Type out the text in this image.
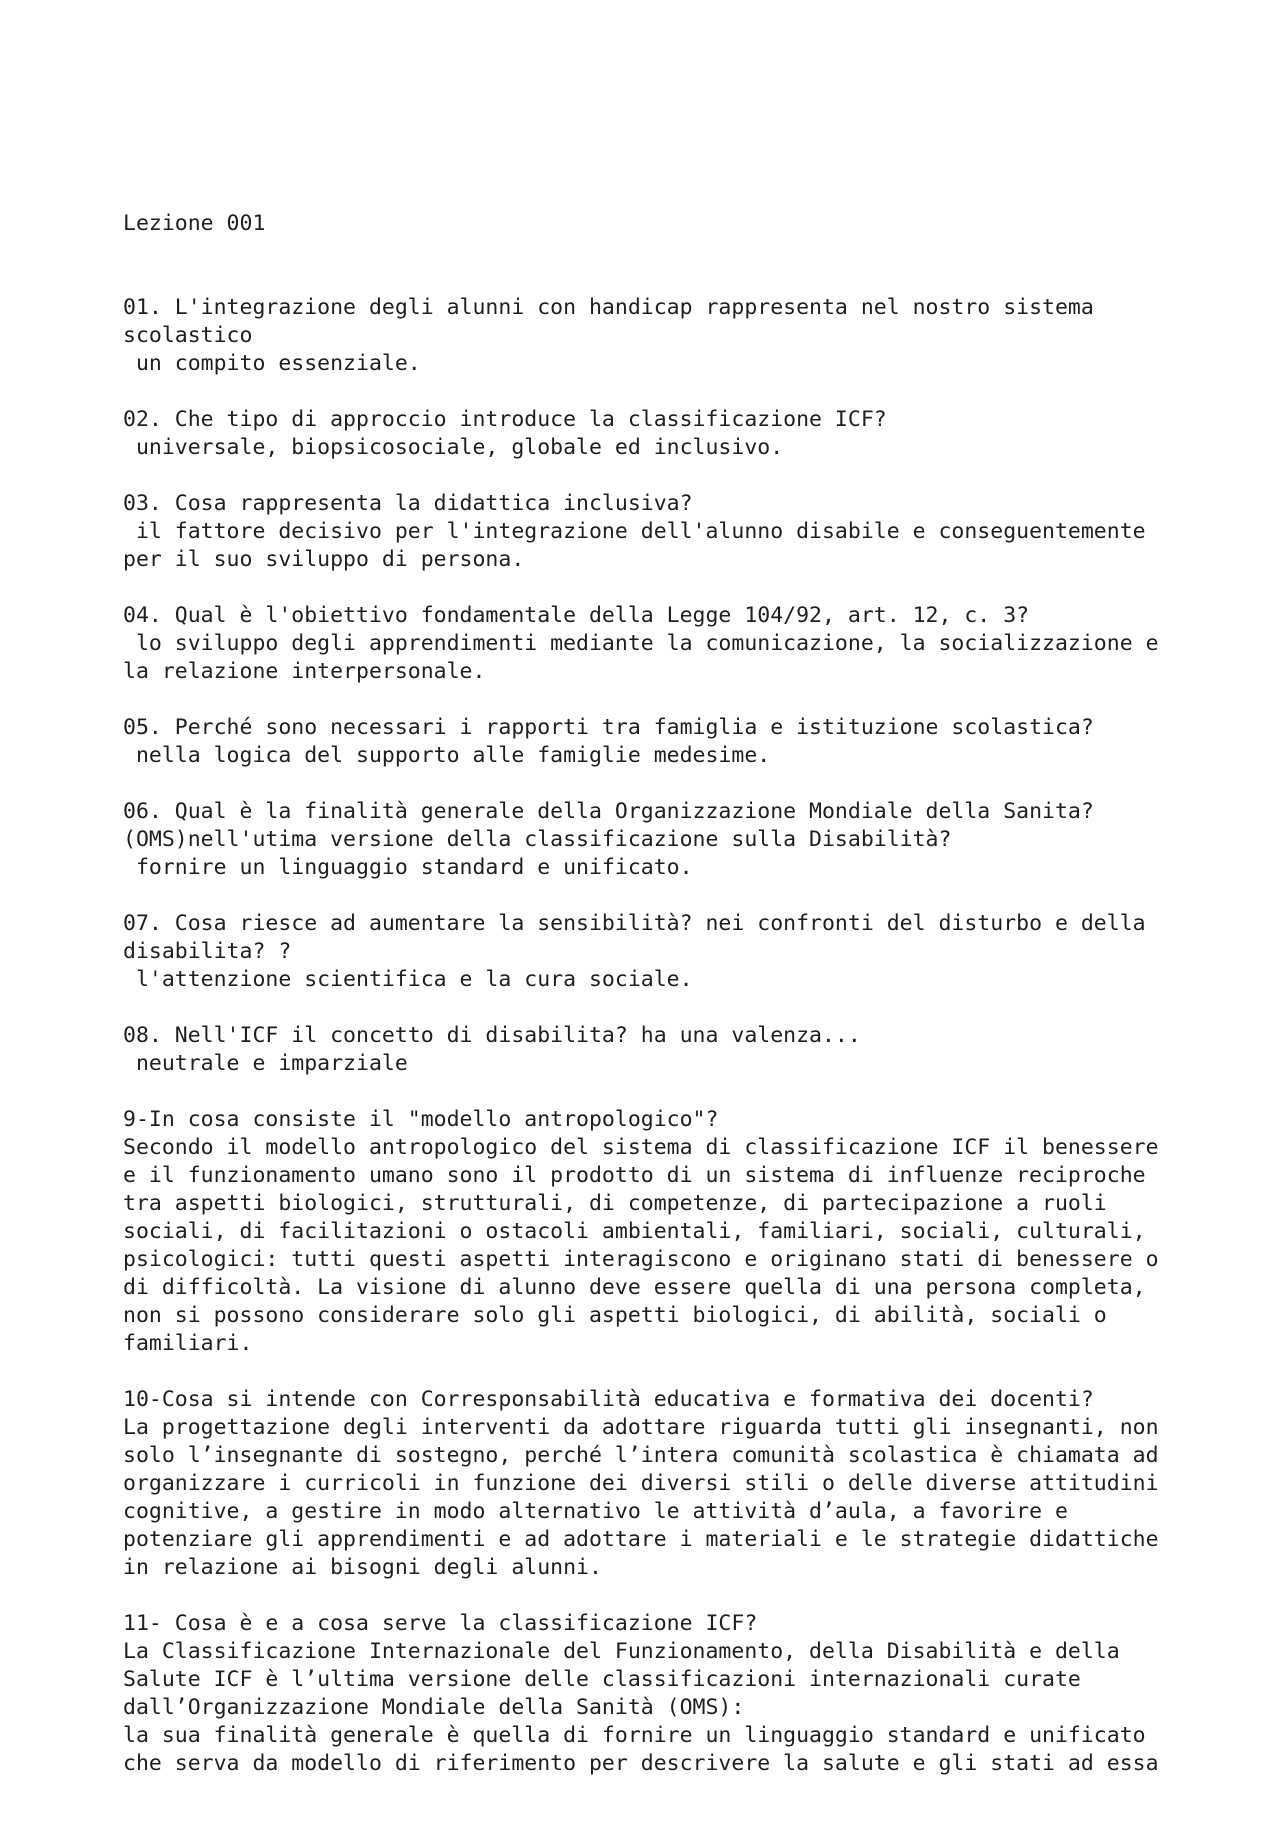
Lezione 001

01. L'integrazione degli alunni con handicap rappresenta nel nostro sistema
scolastico
un compito essenziale.
02. Che tipo di approccio introduce la classificazione ICF?
universale, biopsicosociale, globale ed inclusivo.
03. Cosa rappresenta la didattica inclusiva?
il fattore decisivo per l'integrazione dell'alunno disabile e conseguentemente
per il suo sviluppo di persona.
04. Qual è l'obiettivo fondamentale della Legge 104/92, art. 12, c. 3?
lo sviluppo degli apprendimenti mediante la comunicazione, la socializzazione e
la relazione interpersonale.
05. Perché sono necessari i rapporti tra famiglia e istituzione scolastica?
nella logica del supporto alle famiglie medesime.
06. Qual è la finalità generale della Organizzazione Mondiale della Sanita?
(OMS)nell'utima versione della classificazione sulla Disabilità?
fornire un linguaggio standard e unificato.
07. Cosa riesce ad aumentare la sensibilità? nei confronti del disturbo e della
disabilita? ?
l'attenzione scientifica e la cura sociale.
08. Nell'ICF il concetto di disabilita? ha una valenza...
neutrale e imparziale
9-In cosa consiste il "modello antropologico"?
Secondo il modello antropologico del sistema di classificazione ICF il benessere
e il funzionamento umano sono il prodotto di un sistema di influenze reciproche
tra aspetti biologici, strutturali, di competenze, di partecipazione a ruoli
sociali, di facilitazioni o ostacoli ambientali, familiari, sociali, culturali,
psicologici: tutti questi aspetti interagiscono e originano stati di benessere o
di difficoltà. La visione di alunno deve essere quella di una persona completa,
non si possono considerare solo gli aspetti biologici, di abilità, sociali o
familiari.
10-Cosa si intende con Corresponsabilità educativa e formativa dei docenti?
La progettazione degli interventi da adottare riguarda tutti gli insegnanti, non
solo l’insegnante di sostegno, perché l’intera comunità scolastica è chiamata ad
organizzare i curricoli in funzione dei diversi stili o delle diverse attitudini
cognitive, a gestire in modo alternativo le attività d’aula, a favorire e
potenziare gli apprendimenti e ad adottare i materiali e le strategie didattiche
in relazione ai bisogni degli alunni.
11- Cosa è e a cosa serve la classificazione ICF?
La Classificazione Internazionale del Funzionamento, della Disabilità e della
Salute ICF è l’ultima versione delle classificazioni internazionali curate
dall’Organizzazione Mondiale della Sanità (OMS):
la sua finalità generale è quella di fornire un linguaggio standard e unificato
che serva da modello di riferimento per descrivere la salute e gli stati ad essa
